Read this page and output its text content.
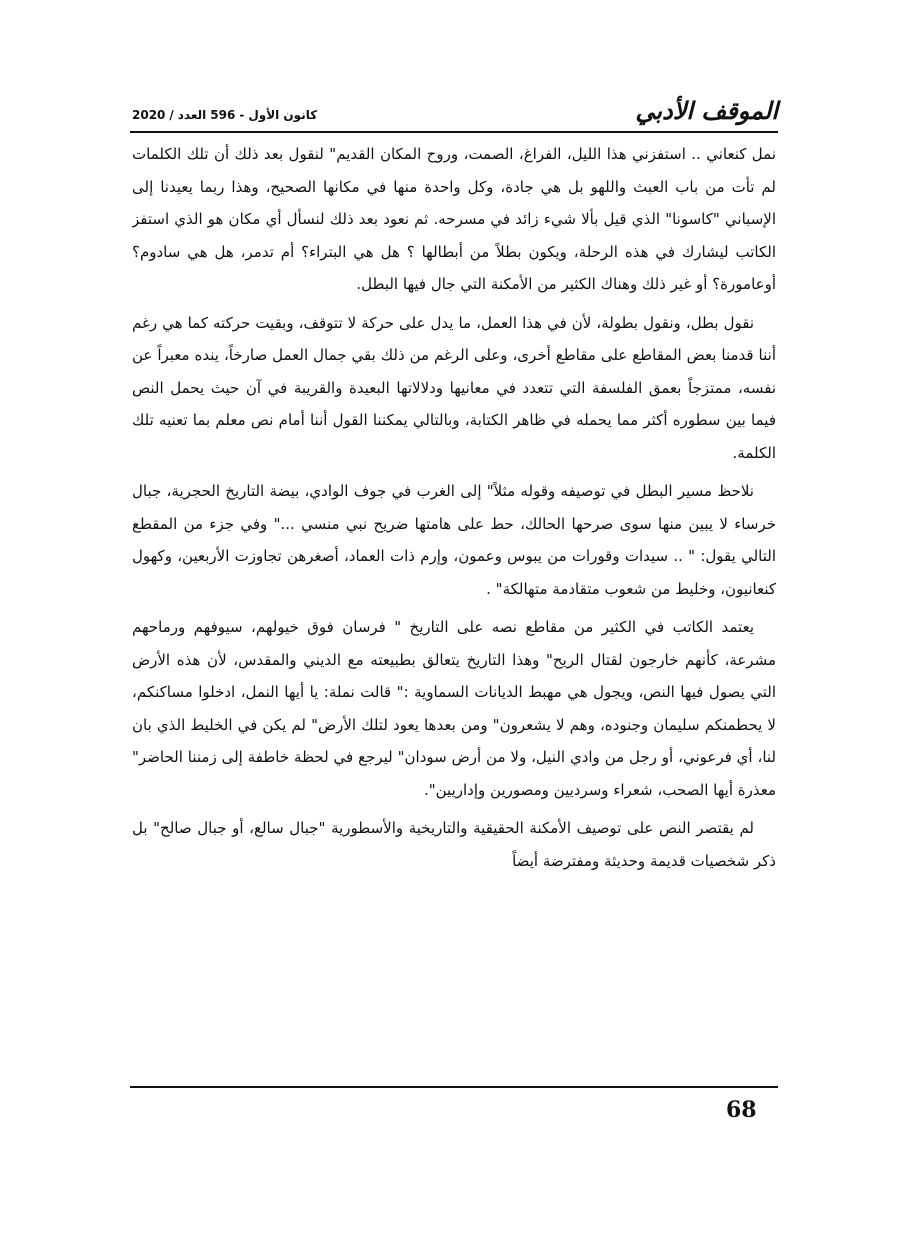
الموقف الأدبي
2020 /	كانون الأول-596العدد

نمل كنعاني .. استفزني هذا الليل، الفراغ، الصمت، وروح المكان القديم" لنقول بعد ذلك أن تلك الكلمات لم تأت من باب العبث واللهو بل هي جادة، وكل واحدة منها في مكانها الصحيح، وهذا ربما يعيدنا إلى الإسباني "كاسونا" الذي قيل بألا شيء زائد في مسرحه. ثم نعود بعد ذلك لنسأل أي مكان هو الذي استفز الكاتب ليشارك في هذه الرحلة، ويكون بطلاً من أبطالها ؟ هل هي البتراء؟ أم تدمر، هل هي سادوم؟ أوعامورة؟ أو غير ذلك وهناك الكثير من الأمكنة التي جال فيها البطل.

نقول بطل، ونقول بطولة، لأن في هذا العمل، ما يدل على حركة لا تتوقف، وبقيت حركته كما هي رغم أننا قدمنا بعض المقاطع على مقاطع أخرى، وعلى الرغم من ذلك بقي جمال العمل صارخاً، ينده معبراً عن نفسه، ممتزجاً بعمق الفلسفة التي تتعدد في معانيها ودلالاتها البعيدة والقريبة في آن حيث يحمل النص فيما بين سطوره أكثر مما يحمله في ظاهر الكتابة، وبالتالي يمكننا القول أننا أمام نص معلم بما تعنيه تلك الكلمة.

نلاحظ مسير البطل في توصيفه وقوله مثلاً" إلى الغرب في جوف الوادي، بيضة التاريخ الحجرية، جبال خرساء لا يبين منها سوى صرحها الحالك، حط على هامتها ضريح نبي منسي ..." وفي جزء من المقطع التالي يقول: " .. سيدات وقورات من يبوس وعمون، وإرم ذات العماد، أصغرهن تجاوزت الأربعين، وكهول كنعانيون، وخليط من شعوب متقادمة متهالكة" .

يعتمد الكاتب في الكثير من مقاطع نصه على التاريخ " فرسان فوق خيولهم، سيوفهم ورماحهم مشرعة، كأنهم خارجون لقتال الريح" وهذا التاريخ يتعالق بطبيعته مع الديني والمقدس، لأن هذه الأرض التي يصول فيها النص، ويجول هي مهبط الديانات السماوية :" قالت نملة: يا أيها النمل، ادخلوا مساكنكم، لا يحطمنكم سليمان وجنوده، وهم لا يشعرون" ومن بعدها يعود لتلك الأرض" لم يكن في الخليط الذي بان لنا، أي فرعوني، أو رجل من وادي النيل، ولا من أرض سودان" ليرجع في لحظة خاطفة إلى زمننا الحاضر" معذرة أيها الصحب، شعراء وسرديين ومصورين وإداريين".

لم يقتصر النص على توصيف الأمكنة الحقيقية والتاريخية والأسطورية "جبال سالع، أو جبال صالح" بل ذكر شخصيات قديمة وحديثة ومفترضة أيضاً

68
